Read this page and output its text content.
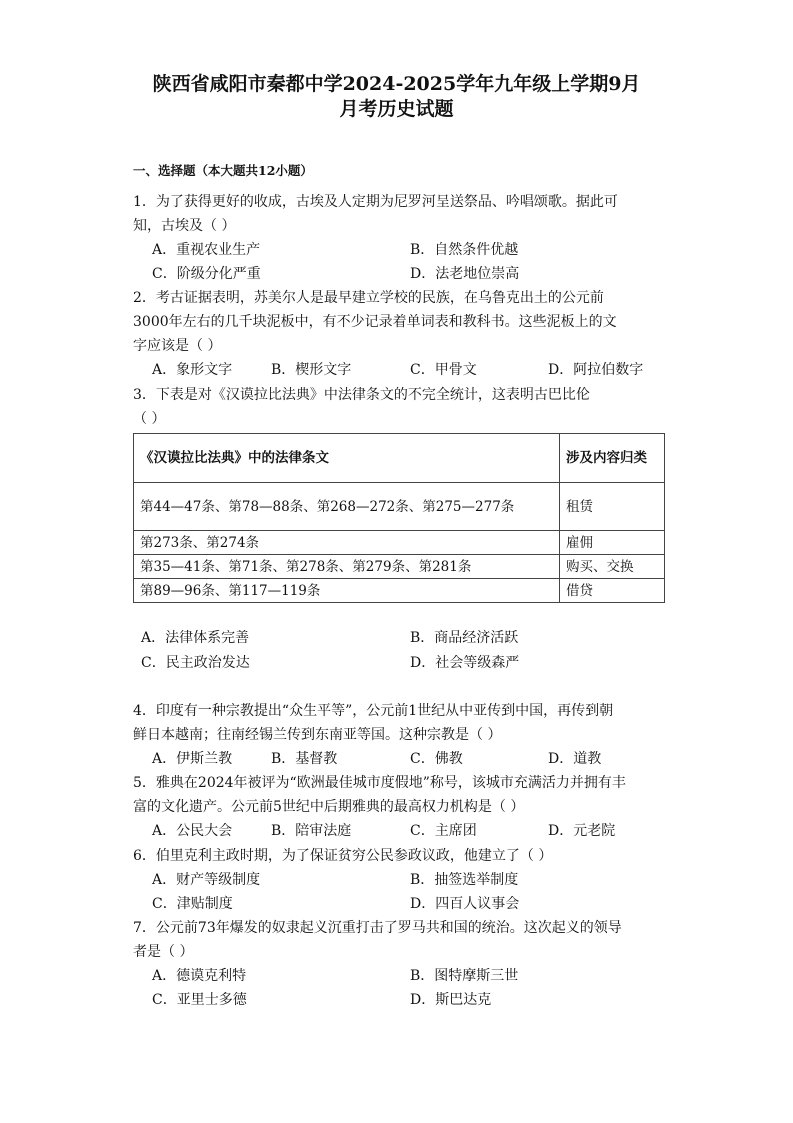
陕西省咸阳市秦都中学2024-2025学年九年级上学期9月
月考历史试题
一、选择题（本大题共12小题）
1．为了获得更好的收成，古埃及人定期为尼罗河呈送祭品、吟唱颂歌。据此可
知，古埃及（ ）
A．重视农业生产	B．自然条件优越
C．阶级分化严重	D．法老地位崇高
2．考古证据表明，苏美尔人是最早建立学校的民族，在乌鲁克出土的公元前
3000年左右的几千块泥板中，有不少记录着单词表和教科书。这些泥板上的文
字应该是（ ）
A．象形文字	B．楔形文字	C．甲骨文	D．阿拉伯数字
3．下表是对《汉谟拉比法典》中法律条文的不完全统计，这表明古巴比伦
（ ）
《汉谟拉比法典》中的法律条文	涉及内容归类
第44—47条、第78—88条、第268—272条、第275—277条	租赁
第273条、第274条	雇佣
第35—41条、第71条、第278条、第279条、第281条	购买、交换
第89—96条、第117—119条	借贷
A．法律体系完善	B．商品经济活跃
C．民主政治发达	D．社会等级森严
4．印度有一种宗教提出“众生平等”，公元前1世纪从中亚传到中国，再传到朝
鲜日本越南；往南经锡兰传到东南亚等国。这种宗教是（ ）
A．伊斯兰教	B．基督教	C．佛教	D．道教
5．雅典在2024年被评为“欧洲最佳城市度假地”称号，该城市充满活力并拥有丰
富的文化遗产。公元前5世纪中后期雅典的最高权力机构是（ ）
A．公民大会	B．陪审法庭	C．主席团	D．元老院
6．伯里克利主政时期，为了保证贫穷公民参政议政，他建立了（ ）
A．财产等级制度	B．抽签选举制度
C．津贴制度	D．四百人议事会
7．公元前73年爆发的奴隶起义沉重打击了罗马共和国的统治。这次起义的领导
者是（ ）
A．德谟克利特	B．图特摩斯三世
C．亚里士多德	D．斯巴达克
